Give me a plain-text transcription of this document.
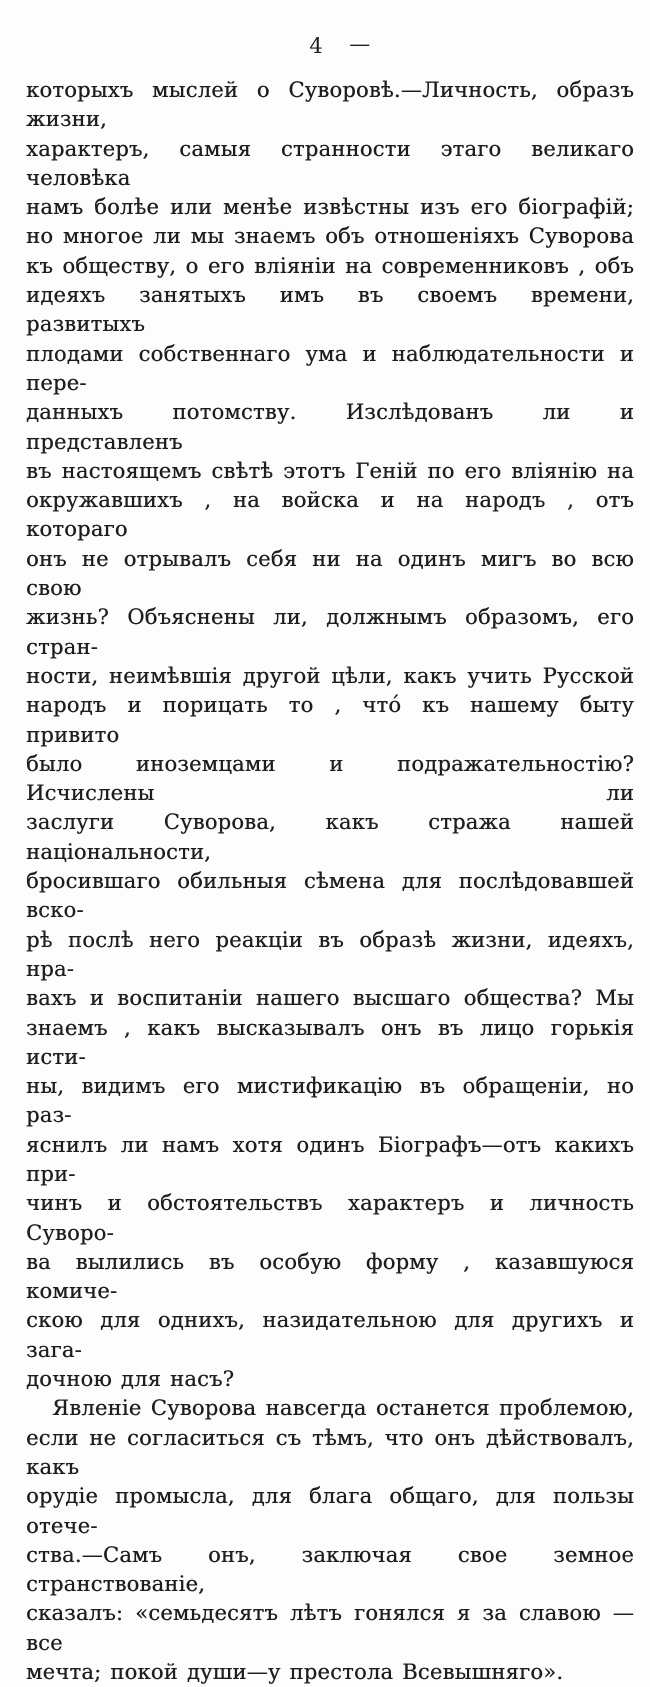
4 —
которыхъ мыслей о Суворовѣ.—Личность, образъ жизни,
характеръ, самыя странности этаго великаго человѣка
намъ болѣе или менѣе извѣстны изъ его біографій;
но многое ли мы знаемъ объ отношеніяхъ Суворова
къ обществу, о его вліяніи на современниковъ , объ
идеяхъ занятыхъ имъ въ своемъ времени, развитыхъ
плодами собственнаго ума и наблюдательности и пере-
данныхъ потомству. Изслѣдованъ ли и представленъ
въ настоящемъ свѣтѣ этотъ Геній по его вліянію на
окружавшихъ , на войска и на народъ , отъ котораго
онъ не отрывалъ себя ни на одинъ мигъ во всю свою
жизнь? Объяснены ли, должнымъ образомъ, его стран-
ности, неимѣвшія другой цѣли, какъ учить Русской
народъ и порицать то , что́ къ нашему быту привито
было иноземцами и подражательностію? Исчислены ли
заслуги Суворова, какъ стража нашей національности,
бросившаго обильныя сѣмена для послѣдовавшей вско-
рѣ послѣ него реакціи въ образѣ жизни, идеяхъ, нра-
вахъ и воспитаніи нашего высшаго общества? Мы
знаемъ , какъ высказывалъ онъ въ лицо горькія исти-
ны, видимъ его мистификацію въ обращеніи, но раз-
яснилъ ли намъ хотя одинъ Біографъ—отъ какихъ при-
чинъ и обстоятельствъ характеръ и личность Суворо-
ва вылились въ особую форму , казавшуюся комиче-
скою для однихъ, назидательною для другихъ и зага-
дочною для насъ?
Явленіе Суворова навсегда останется проблемою,
если не согласиться съ тѣмъ, что онъ дѣйствовалъ, какъ
орудіе промысла, для блага общаго, для пользы отече-
ства.—Самъ онъ, заключая свое земное странствованіе,
сказалъ: «семьдесятъ лѣтъ гонялся я за славою — все
мечта; покой души—у престола Всевышняго».
